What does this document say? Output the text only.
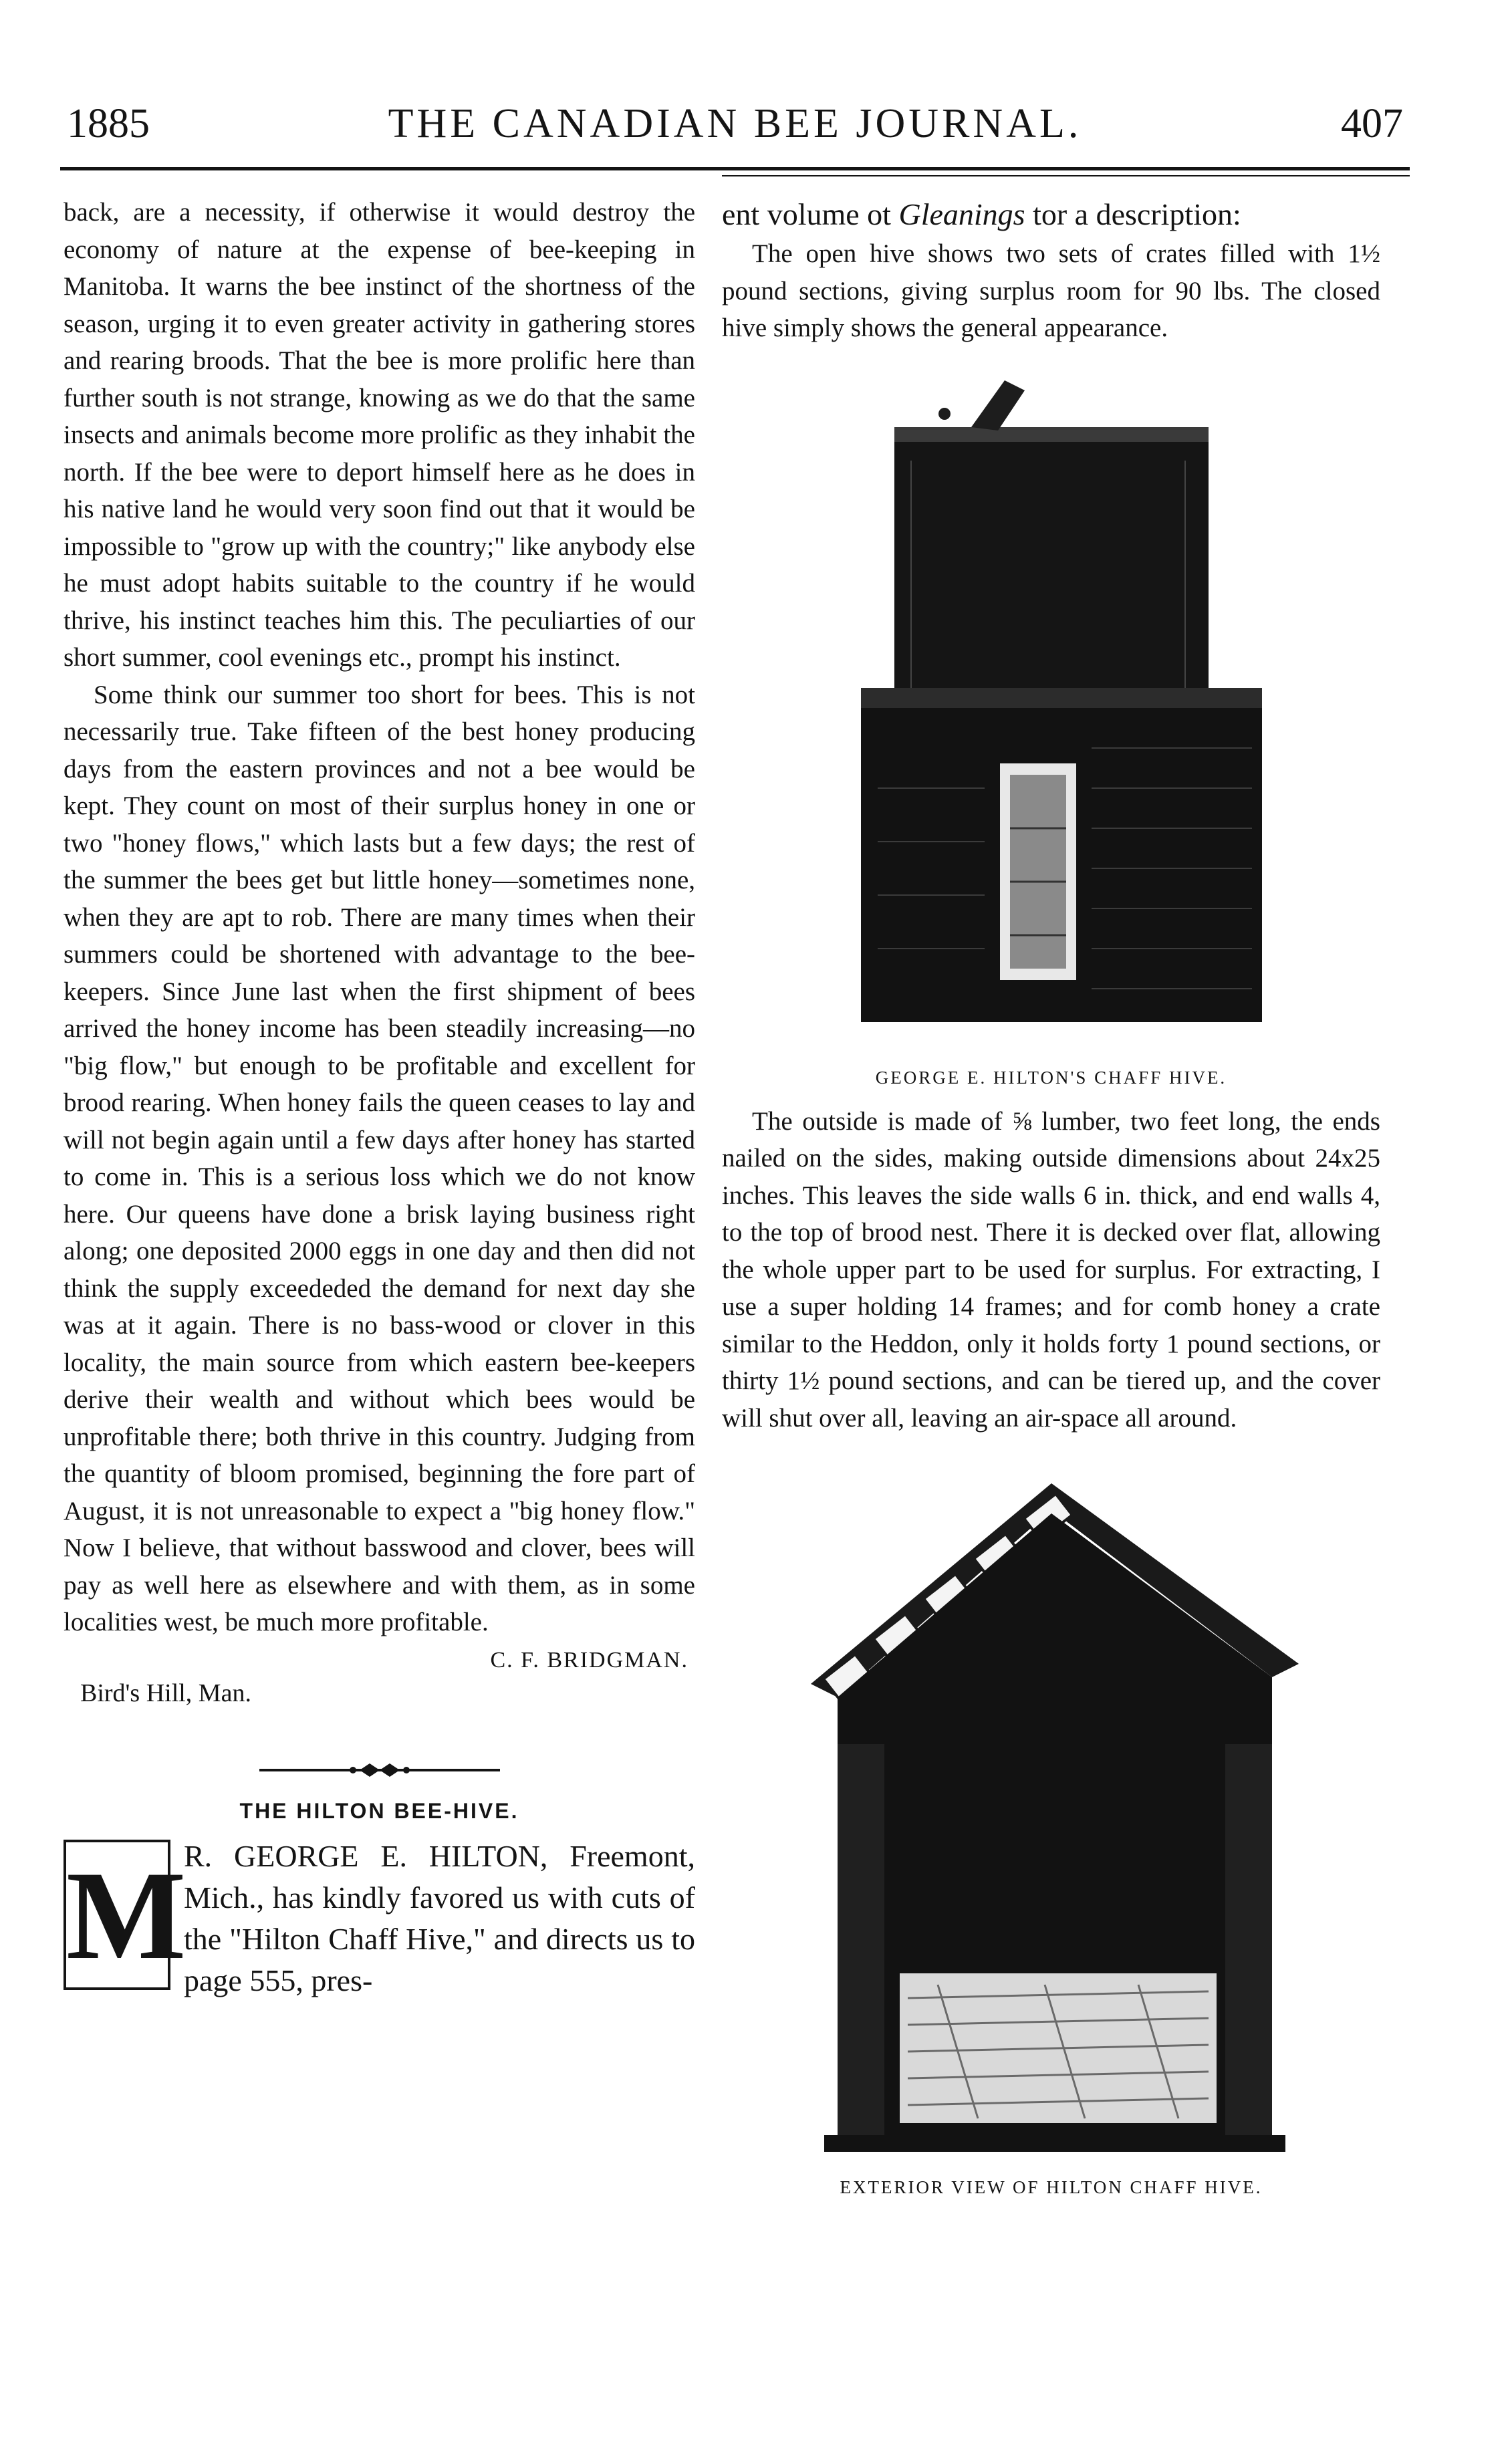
1885	THE CANADIAN BEE JOURNAL.	407

back, are a necessity, if otherwise it would destroy the economy of nature at the expense of bee-keeping in Manitoba. It warns the bee instinct of the shortness of the season, urging it to even greater activity in gathering stores and rearing broods. That the bee is more prolific here than further south is not strange, knowing as we do that the same insects and animals become more prolific as they inhabit the north. If the bee were to deport himself here as he does in his native land he would very soon find out that it would be impossible to "grow up with the country;" like anybody else he must adopt habits suitable to the country if he would thrive, his instinct teaches him this. The peculiarties of our short summer, cool evenings etc., prompt his instinct.

Some think our summer too short for bees. This is not necessarily true. Take fifteen of the best honey producing days from the eastern provinces and not a bee would be kept. They count on most of their surplus honey in one or two "honey flows," which lasts but a few days; the rest of the summer the bees get but little honey—sometimes none, when they are apt to rob. There are many times when their summers could be shortened with advantage to the bee-keepers. Since June last when the first shipment of bees arrived the honey income has been steadily increasing—no "big flow," but enough to be profitable and excellent for brood rearing. When honey fails the queen ceases to lay and will not begin again until a few days after honey has started to come in. This is a serious loss which we do not know here. Our queens have done a brisk laying business right along; one deposited 2000 eggs in one day and then did not think the supply exceededed the demand for next day she was at it again. There is no bass-wood or clover in this locality, the main source from which eastern bee-keepers derive their wealth and without which bees would be unprofitable there; both thrive in this country. Judging from the quantity of bloom promised, beginning the fore part of August, it is not unreasonable to expect a "big honey flow." Now I believe, that without basswood and clover, bees will pay as well here as elsewhere and with them, as in some localities west, be much more profitable.

C. F. BRIDGMAN.
Bird's Hill, Man.
THE HILTON BEE-HIVE.
M

R. GEORGE E. HILTON, Freemont, Mich., has kindly favored us with cuts of the "Hilton Chaff Hive," and directs us to page 555, pres-

ent volume ot Gleanings tor a description:

The open hive shows two sets of crates filled with 1½ pound sections, giving surplus room for 90 lbs. The closed hive simply shows the general appearance.

GEORGE E. HILTON'S CHAFF HIVE.

The outside is made of ⅝ lumber, two feet long, the ends nailed on the sides, making outside dimensions about 24x25 inches. This leaves the side walls 6 in. thick, and end walls 4, to the top of brood nest. There it is decked over flat, allowing the whole upper part to be used for surplus. For extracting, I use a super holding 14 frames; and for comb honey a crate similar to the Heddon, only it holds forty 1 pound sections, or thirty 1½ pound sections, and can be tiered up, and the cover will shut over all, leaving an air-space all around.

EXTERIOR VIEW OF HILTON CHAFF HIVE.
